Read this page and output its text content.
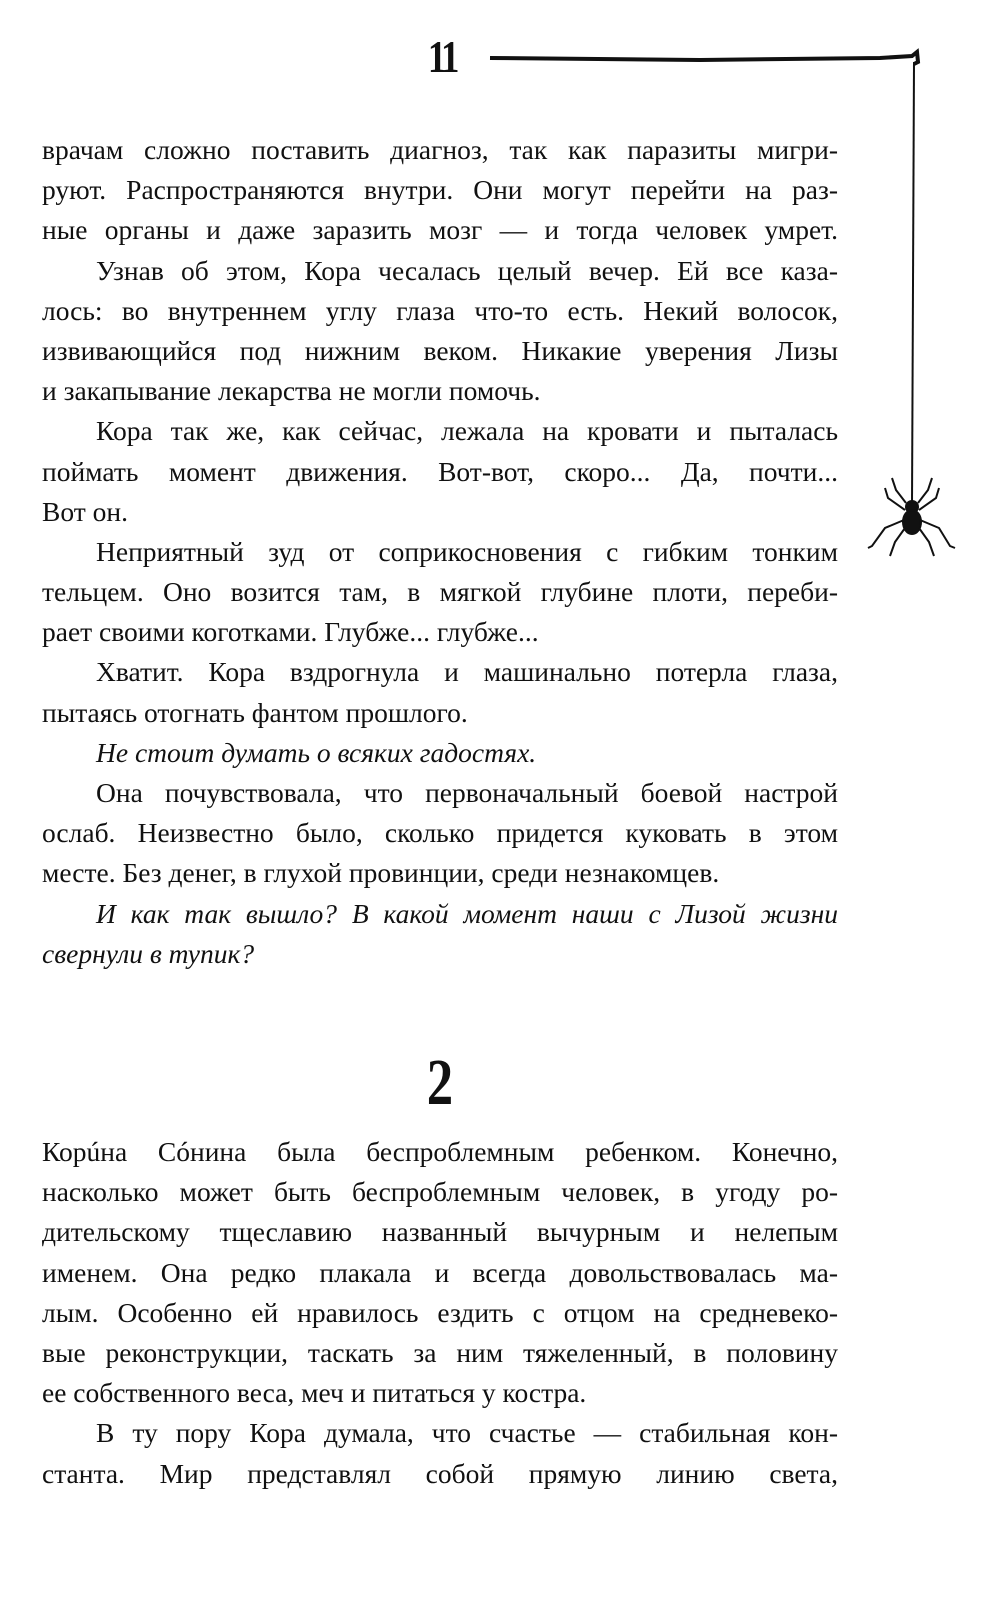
11
врачам сложно поставить диагноз, так как паразиты мигри-
руют. Распространяются внутри. Они могут перейти на раз-
ные органы и даже заразить мозг — и тогда человек умрет.
Узнав об этом, Кора чесалась целый вечер. Ей все каза-
лось: во внутреннем углу глаза что-то есть. Некий волосок,
извивающийся под нижним веком. Никакие уверения Лизы
и закапывание лекарства не могли помочь.
Кора так же, как сейчас, лежала на кровати и пыталась
поймать момент движения. Вот-вот, скоро... Да, почти...
Вот он.
Неприятный зуд от соприкосновения с гибким тонким
тельцем. Оно возится там, в мягкой глубине плоти, переби-
рает своими коготками. Глубже... глубже...
Хватит. Кора вздрогнула и машинально потерла глаза,
пытаясь отогнать фантом прошлого.
Не стоит думать о всяких гадостях.
Она почувствовала, что первоначальный боевой настрой
ослаб. Неизвестно было, сколько придется куковать в этом
месте. Без денег, в глухой провинции, среди незнакомцев.
И как так вышло? В какой момент наши с Лизой жизни
свернули в тупик?
2
Корúна Сóнина была беспроблемным ребенком. Конечно,
насколько может быть беспроблемным человек, в угоду ро-
дительскому тщеславию названный вычурным и нелепым
именем. Она редко плакала и всегда довольствовалась ма-
лым. Особенно ей нравилось ездить с отцом на средневеко-
вые реконструкции, таскать за ним тяжеленный, в половину
ее собственного веса, меч и питаться у костра.
В ту пору Кора думала, что счастье — стабильная кон-
станта. Мир представлял собой прямую линию света,
